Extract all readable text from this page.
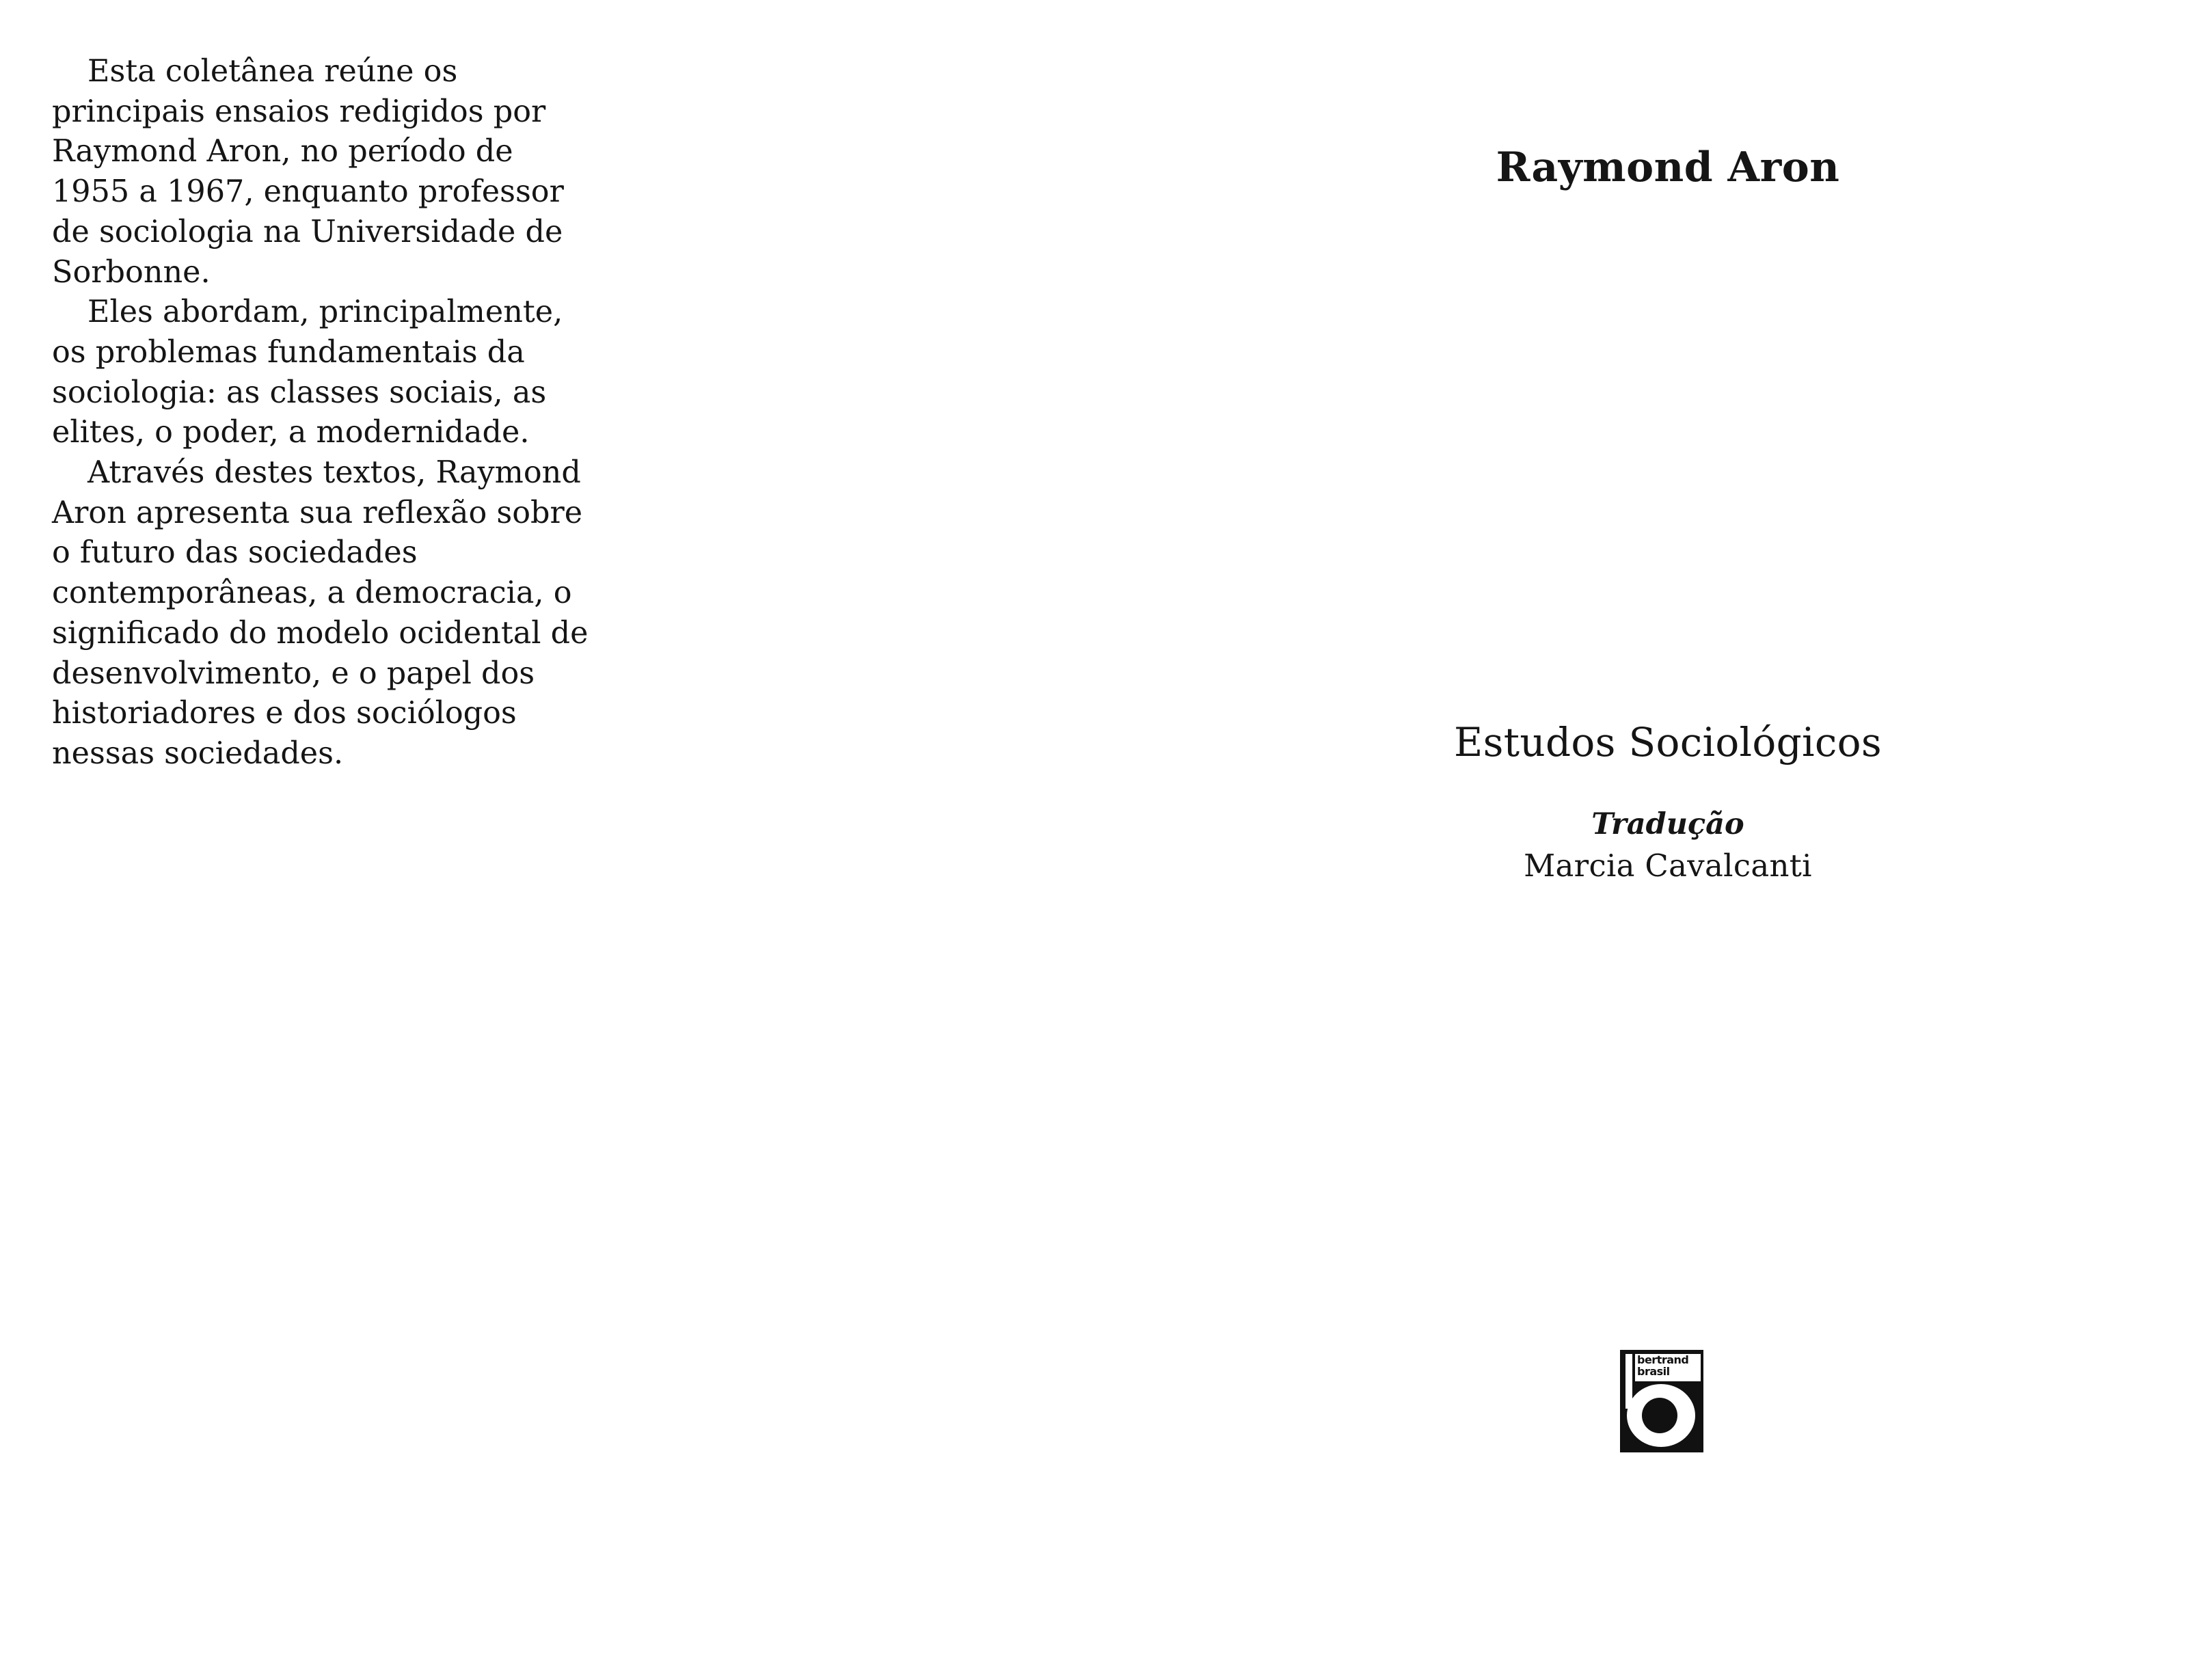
Esta coletânea reúne os principais ensaios redigidos por Raymond Aron, no período de 1955 a 1967, enquanto professor de sociologia na Universidade de Sorbonne.

Eles abordam, principalmente, os problemas fundamentais da sociologia: as classes sociais, as elites, o poder, a modernidade.

Através destes textos, Raymond Aron apresenta sua reflexão sobre o futuro das sociedades contemporâneas, a democracia, o significado do modelo ocidental de desenvolvimento, e o papel dos historiadores e dos sociólogos nessas sociedades.

Raymond Aron
Estudos Sociológicos
Tradução
Marcia Cavalcanti
bertrand
brasil
